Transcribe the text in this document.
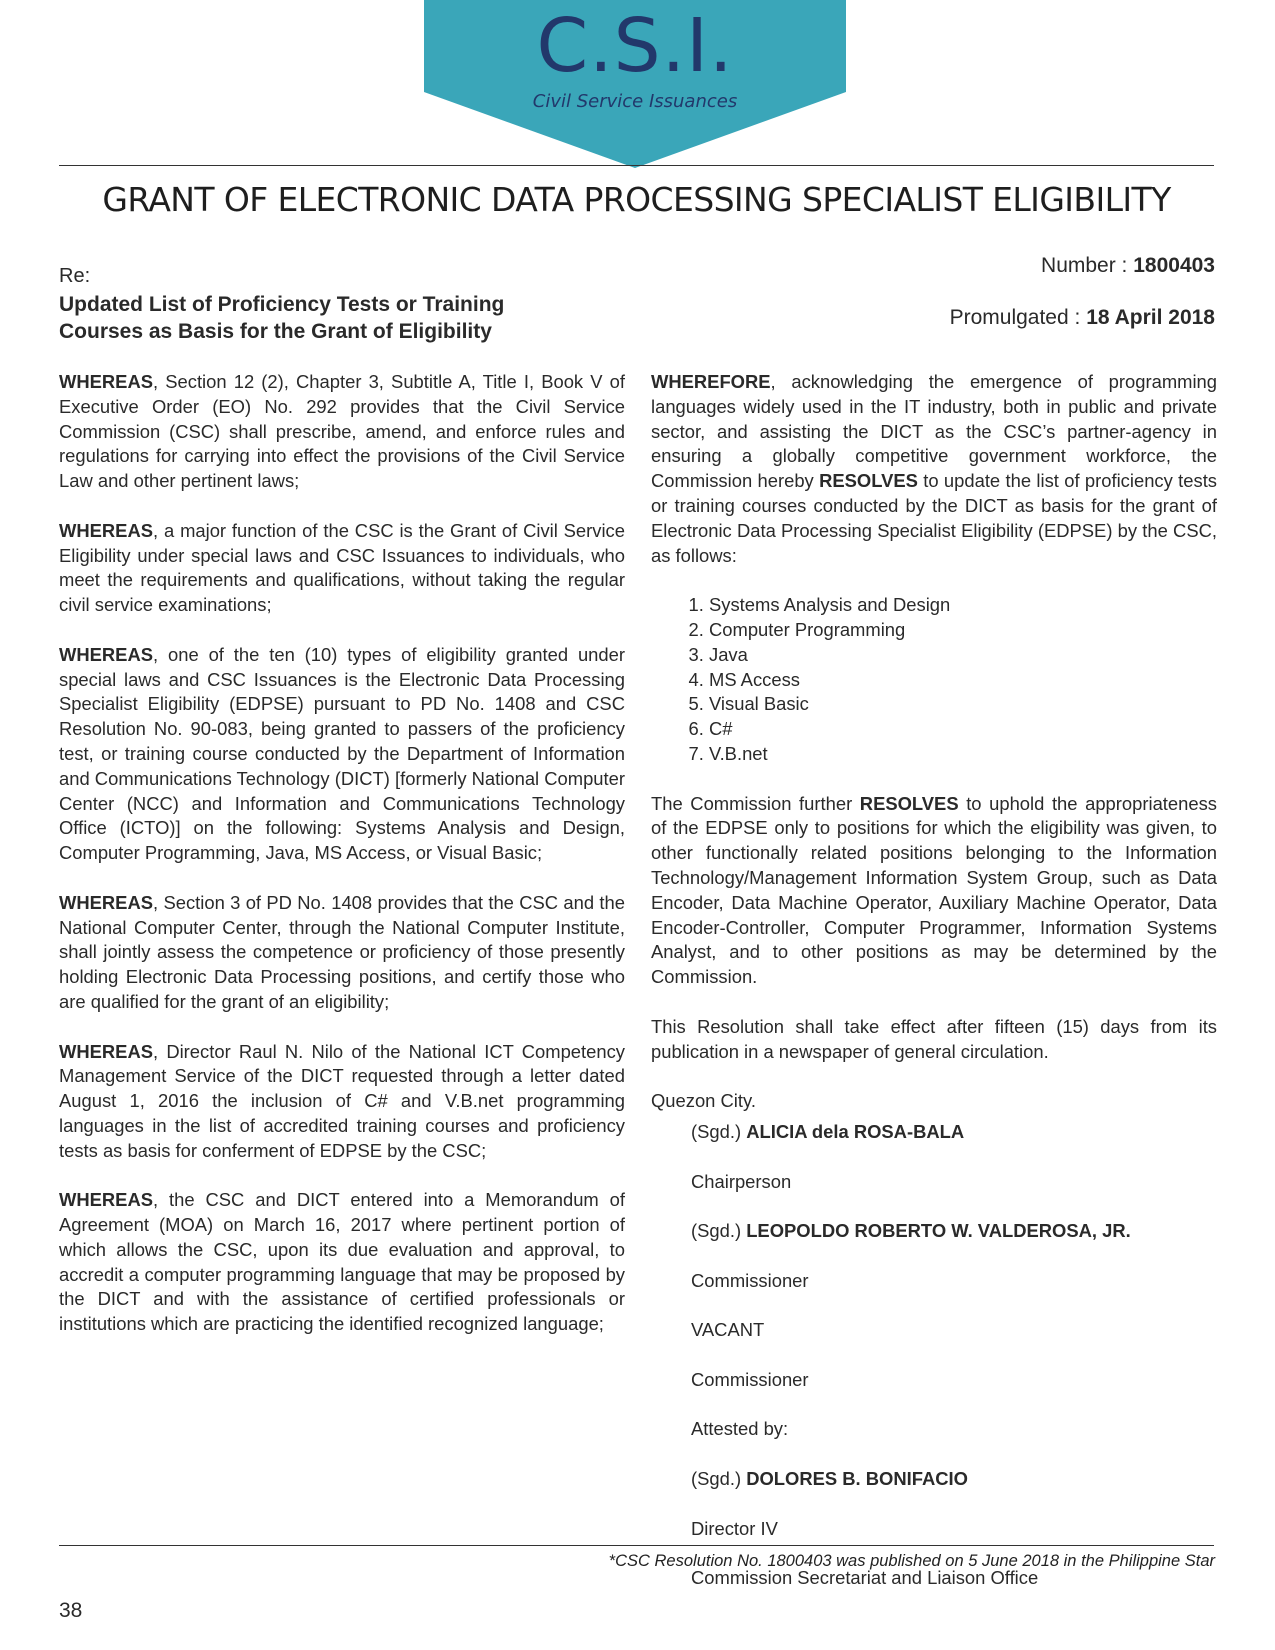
C.S.I.
Civil Service Issuances
GRANT OF ELECTRONIC DATA PROCESSING SPECIALIST ELIGIBILITY
Re:
Updated List of Proficiency Tests or Training Courses as Basis for the Grant of Eligibility
Number : 1800403
Promulgated : 18 April 2018

WHEREAS, Section 12 (2), Chapter 3, Subtitle A, Title I, Book V of Executive Order (EO) No. 292 provides that the Civil Service Commission (CSC) shall prescribe, amend, and enforce rules and regulations for carrying into effect the provisions of the Civil Service Law and other pertinent laws;

WHEREAS, a major function of the CSC is the Grant of Civil Service Eligibility under special laws and CSC Issuances to individuals, who meet the requirements and qualifications, without taking the regular civil service examinations;

WHEREAS, one of the ten (10) types of eligibility granted under special laws and CSC Issuances is the Electronic Data Processing Specialist Eligibility (EDPSE) pursuant to PD No. 1408 and CSC Resolution No. 90-083, being granted to passers of the proficiency test, or training course conducted by the Department of Information and Communications Technology (DICT) [formerly National Computer Center (NCC) and Information and Communications Technology Office (ICTO)] on the following: Systems Analysis and Design, Computer Programming, Java, MS Access, or Visual Basic;

WHEREAS, Section 3 of PD No. 1408 provides that the CSC and the National Computer Center, through the National Computer Institute, shall jointly assess the competence or proficiency of those presently holding Electronic Data Processing positions, and certify those who are qualified for the grant of an eligibility;

WHEREAS, Director Raul N. Nilo of the National ICT Competency Management Service of the DICT requested through a letter dated August 1, 2016 the inclusion of C# and V.B.net programming languages in the list of accredited training courses and proficiency tests as basis for conferment of EDPSE by the CSC;

WHEREAS, the CSC and DICT entered into a Memorandum of Agreement (MOA) on March 16, 2017 where pertinent portion of which allows the CSC, upon its due evaluation and approval, to accredit a computer programming language that may be proposed by the DICT and with the assistance of certified professionals or institutions which are practicing the identified recognized language;

WHEREFORE, acknowledging the emergence of programming languages widely used in the IT industry, both in public and private sector, and assisting the DICT as the CSC’s partner-agency in ensuring a globally competitive government workforce, the Commission hereby RESOLVES to update the list of proficiency tests or training courses conducted by the DICT as basis for the grant of Electronic Data Processing Specialist Eligibility (EDPSE) by the CSC, as follows:

1. Systems Analysis and Design
2. Computer Programming
3. Java
4. MS Access
5. Visual Basic
6. C#
7. V.B.net

The Commission further RESOLVES to uphold the appropriateness of the EDPSE only to positions for which the eligibility was given, to other functionally related positions belonging to the Information Technology/Management Information System Group, such as Data Encoder, Data Machine Operator, Auxiliary Machine Operator, Data Encoder-Controller, Computer Programmer, Information Systems Analyst, and to other positions as may be determined by the Commission.

This Resolution shall take effect after fifteen (15) days from its publication in a newspaper of general circulation.

Quezon City.

(Sgd.) ALICIA dela ROSA-BALA

Chairperson

(Sgd.) LEOPOLDO ROBERTO W. VALDEROSA, JR.

Commissioner

VACANT

Commissioner

Attested by:

(Sgd.) DOLORES B. BONIFACIO

Director IV

Commission Secretariat and Liaison Office

*CSC Resolution No. 1800403 was published on 5 June 2018 in the Philippine Star
38
